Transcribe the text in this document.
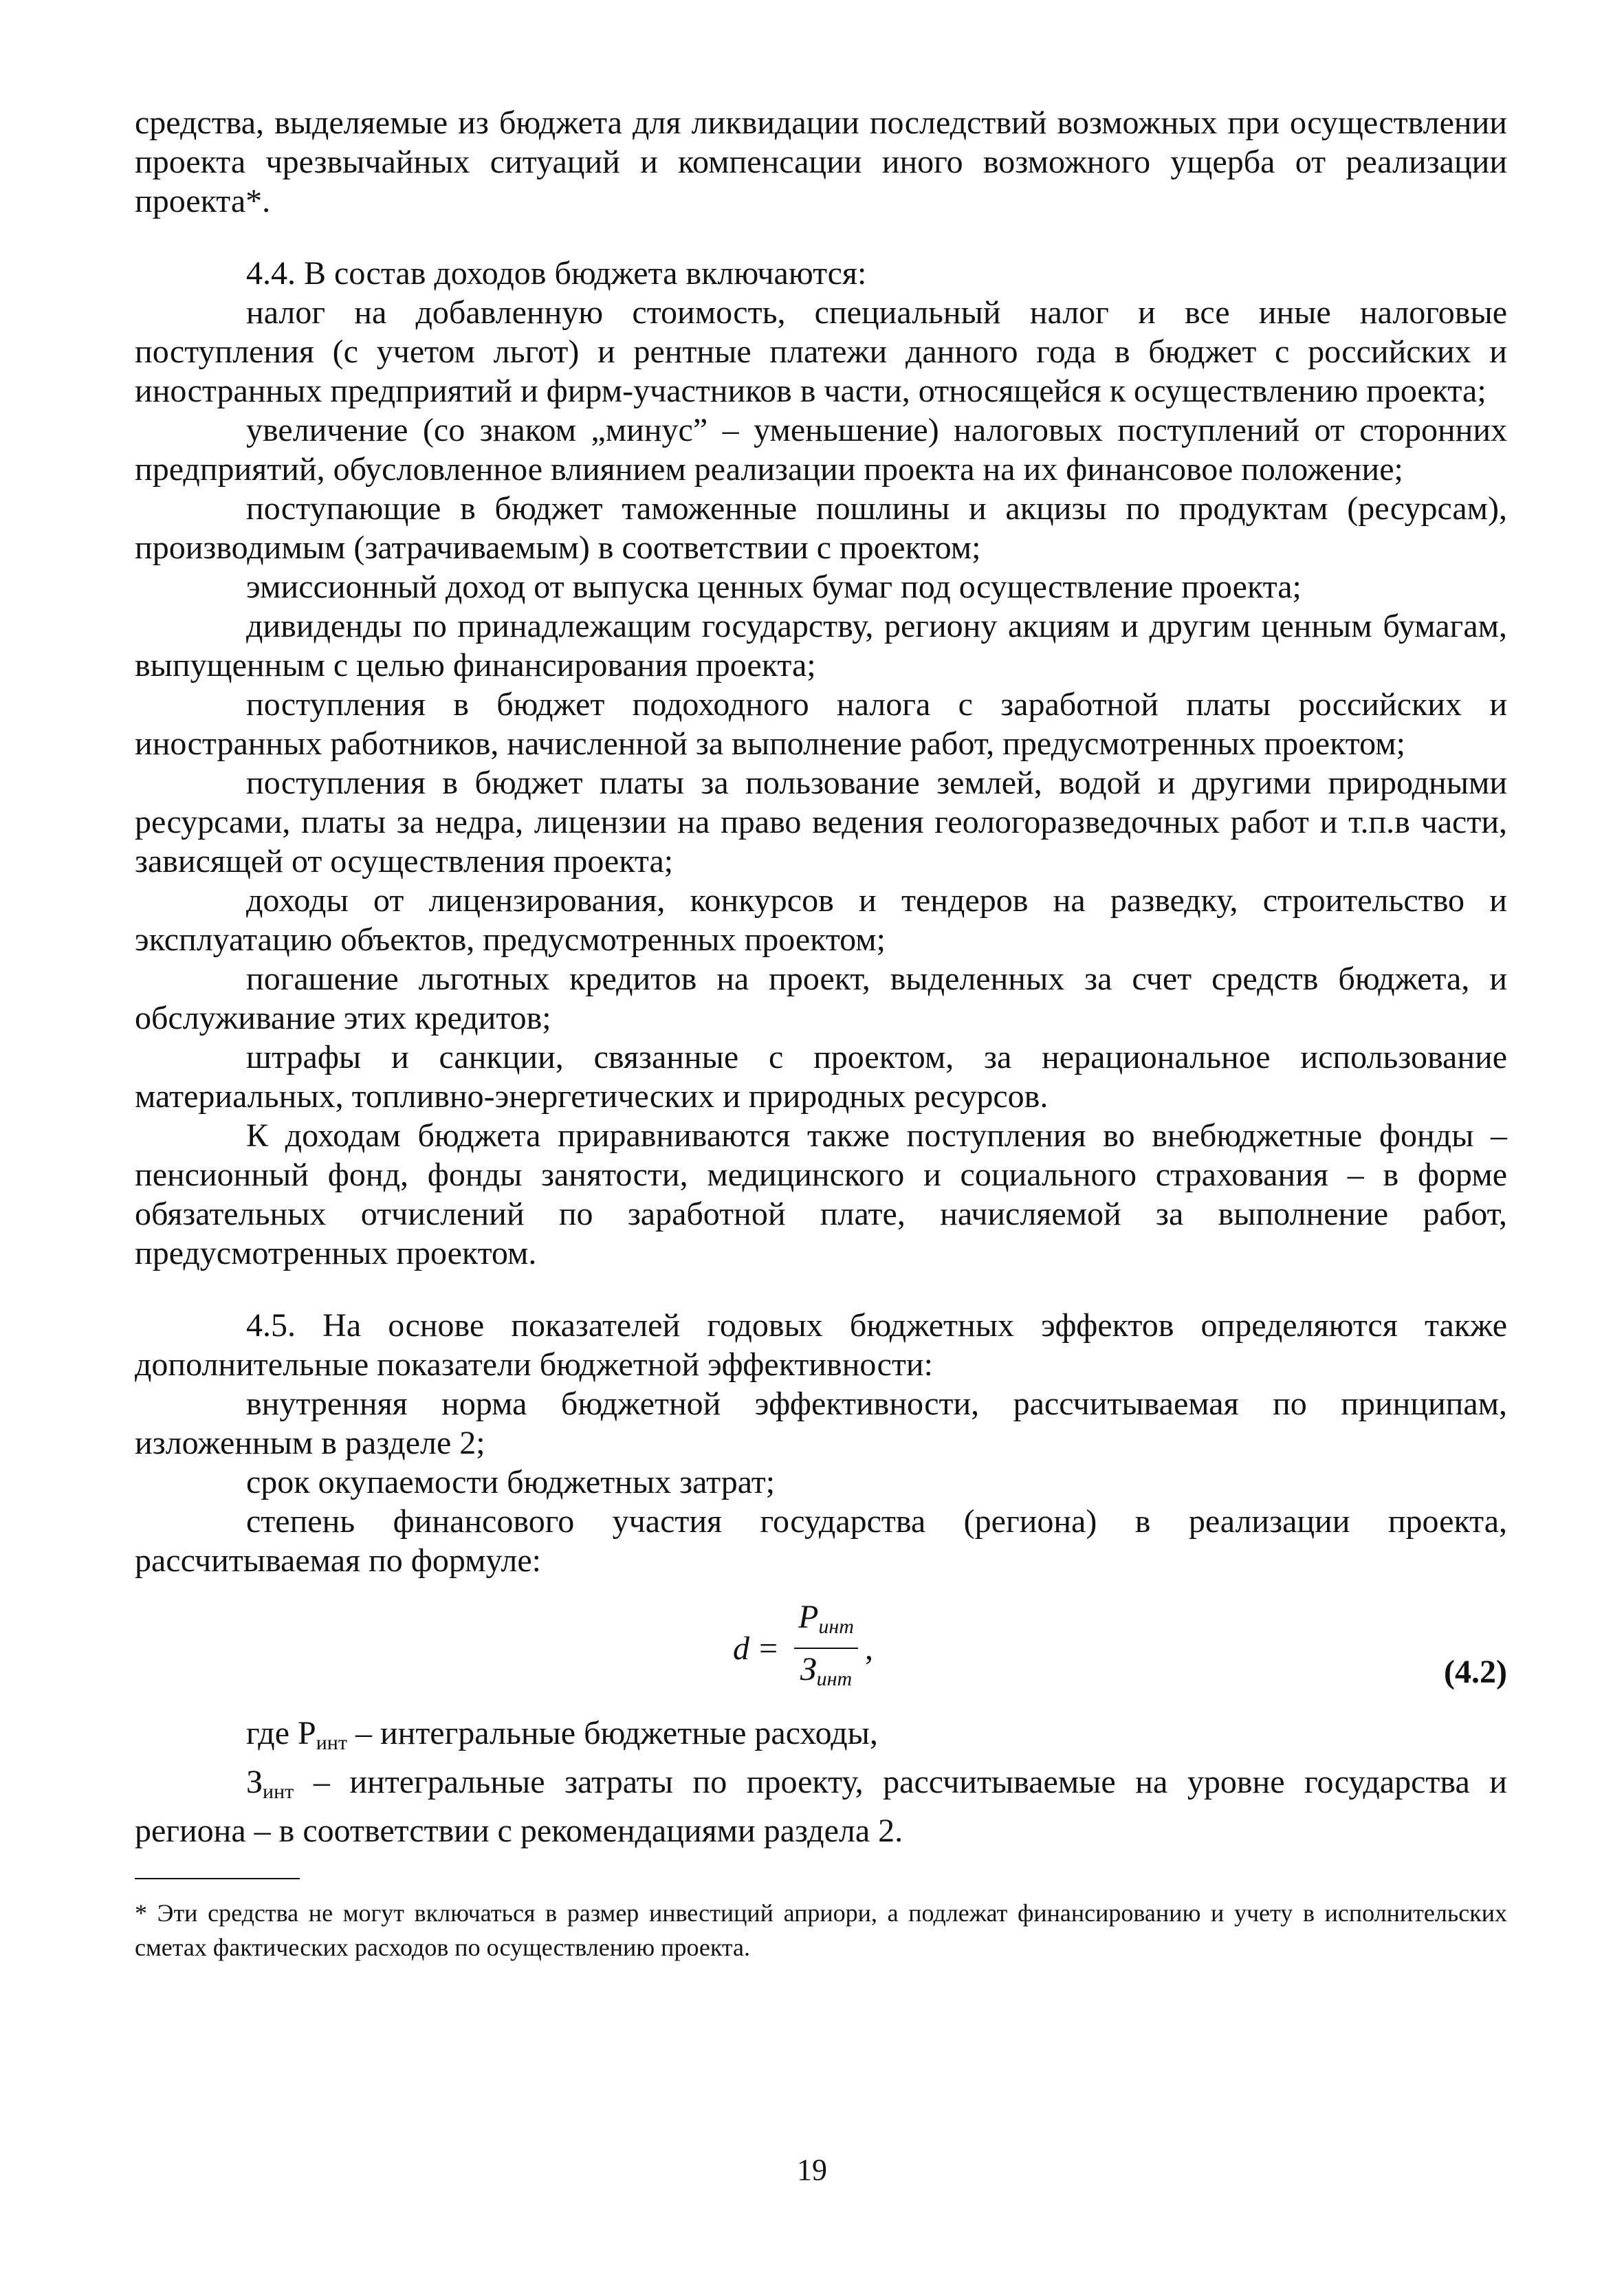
средства, выделяемые из бюджета для ликвидации последствий возможных при осуществлении проекта чрезвычайных ситуаций и компенсации иного возможного ущерба от реализации проекта*.

4.4. В состав доходов бюджета включаются:

налог на добавленную стоимость, специальный налог и все иные налоговые поступления (с учетом льгот) и рентные платежи данного года в бюджет с российских и иностранных предприятий и фирм-участников в части, относящейся к осуществлению проекта;

увеличение (со знаком „минус” – уменьшение) налоговых поступлений от сторонних предприятий, обусловленное влиянием реализации проекта на их финансовое положение;

поступающие в бюджет таможенные пошлины и акцизы по продуктам (ресурсам), производимым (затрачиваемым) в соответствии с проектом;

эмиссионный доход от выпуска ценных бумаг под осуществление проекта;

дивиденды по принадлежащим государству, региону акциям и другим ценным бумагам, выпущенным с целью финансирования проекта;

поступления в бюджет подоходного налога с заработной платы российских и иностранных работников, начисленной за выполнение работ, предусмотренных проектом;

поступления в бюджет платы за пользование землей, водой и другими природными ресурсами, платы за недра, лицензии на право ведения геологоразведочных работ и т.п.в части, зависящей от осуществления проекта;

доходы от лицензирования, конкурсов и тендеров на разведку, строительство и эксплуатацию объектов, предусмотренных проектом;

погашение льготных кредитов на проект, выделенных за счет средств бюджета, и обслуживание этих кредитов;

штрафы и санкции, связанные с проектом, за нерациональное использование материальных, топливно-энергетических и природных ресурсов.

К доходам бюджета приравниваются также поступления во внебюджетные фонды – пенсионный фонд, фонды занятости, медицинского и социального страхования – в форме обязательных отчислений по заработной плате, начисляемой за выполнение работ, предусмотренных проектом.

4.5. На основе показателей годовых бюджетных эффектов определяются также дополнительные показатели бюджетной эффективности:

внутренняя норма бюджетной эффективности, рассчитываемая по принципам, изложенным в разделе 2;

срок окупаемости бюджетных затрат;

степень финансового участия государства (региона) в реализации проекта, рассчитываемая по формуле:

$d = \frac{Р_{инт}}{З_{инт}}$ ,
(4.2)

где $Р_{инт}$ – интегральные бюджетные расходы,

$З_{инт}$ – интегральные затраты по проекту, рассчитываемые на уровне государства и региона – в соответствии с рекомендациями раздела 2.

* Эти средства не могут включаться в размер инвестиций априори, а подлежат финансированию и учету в исполнительских сметах фактических расходов по осуществлению проекта.

19
